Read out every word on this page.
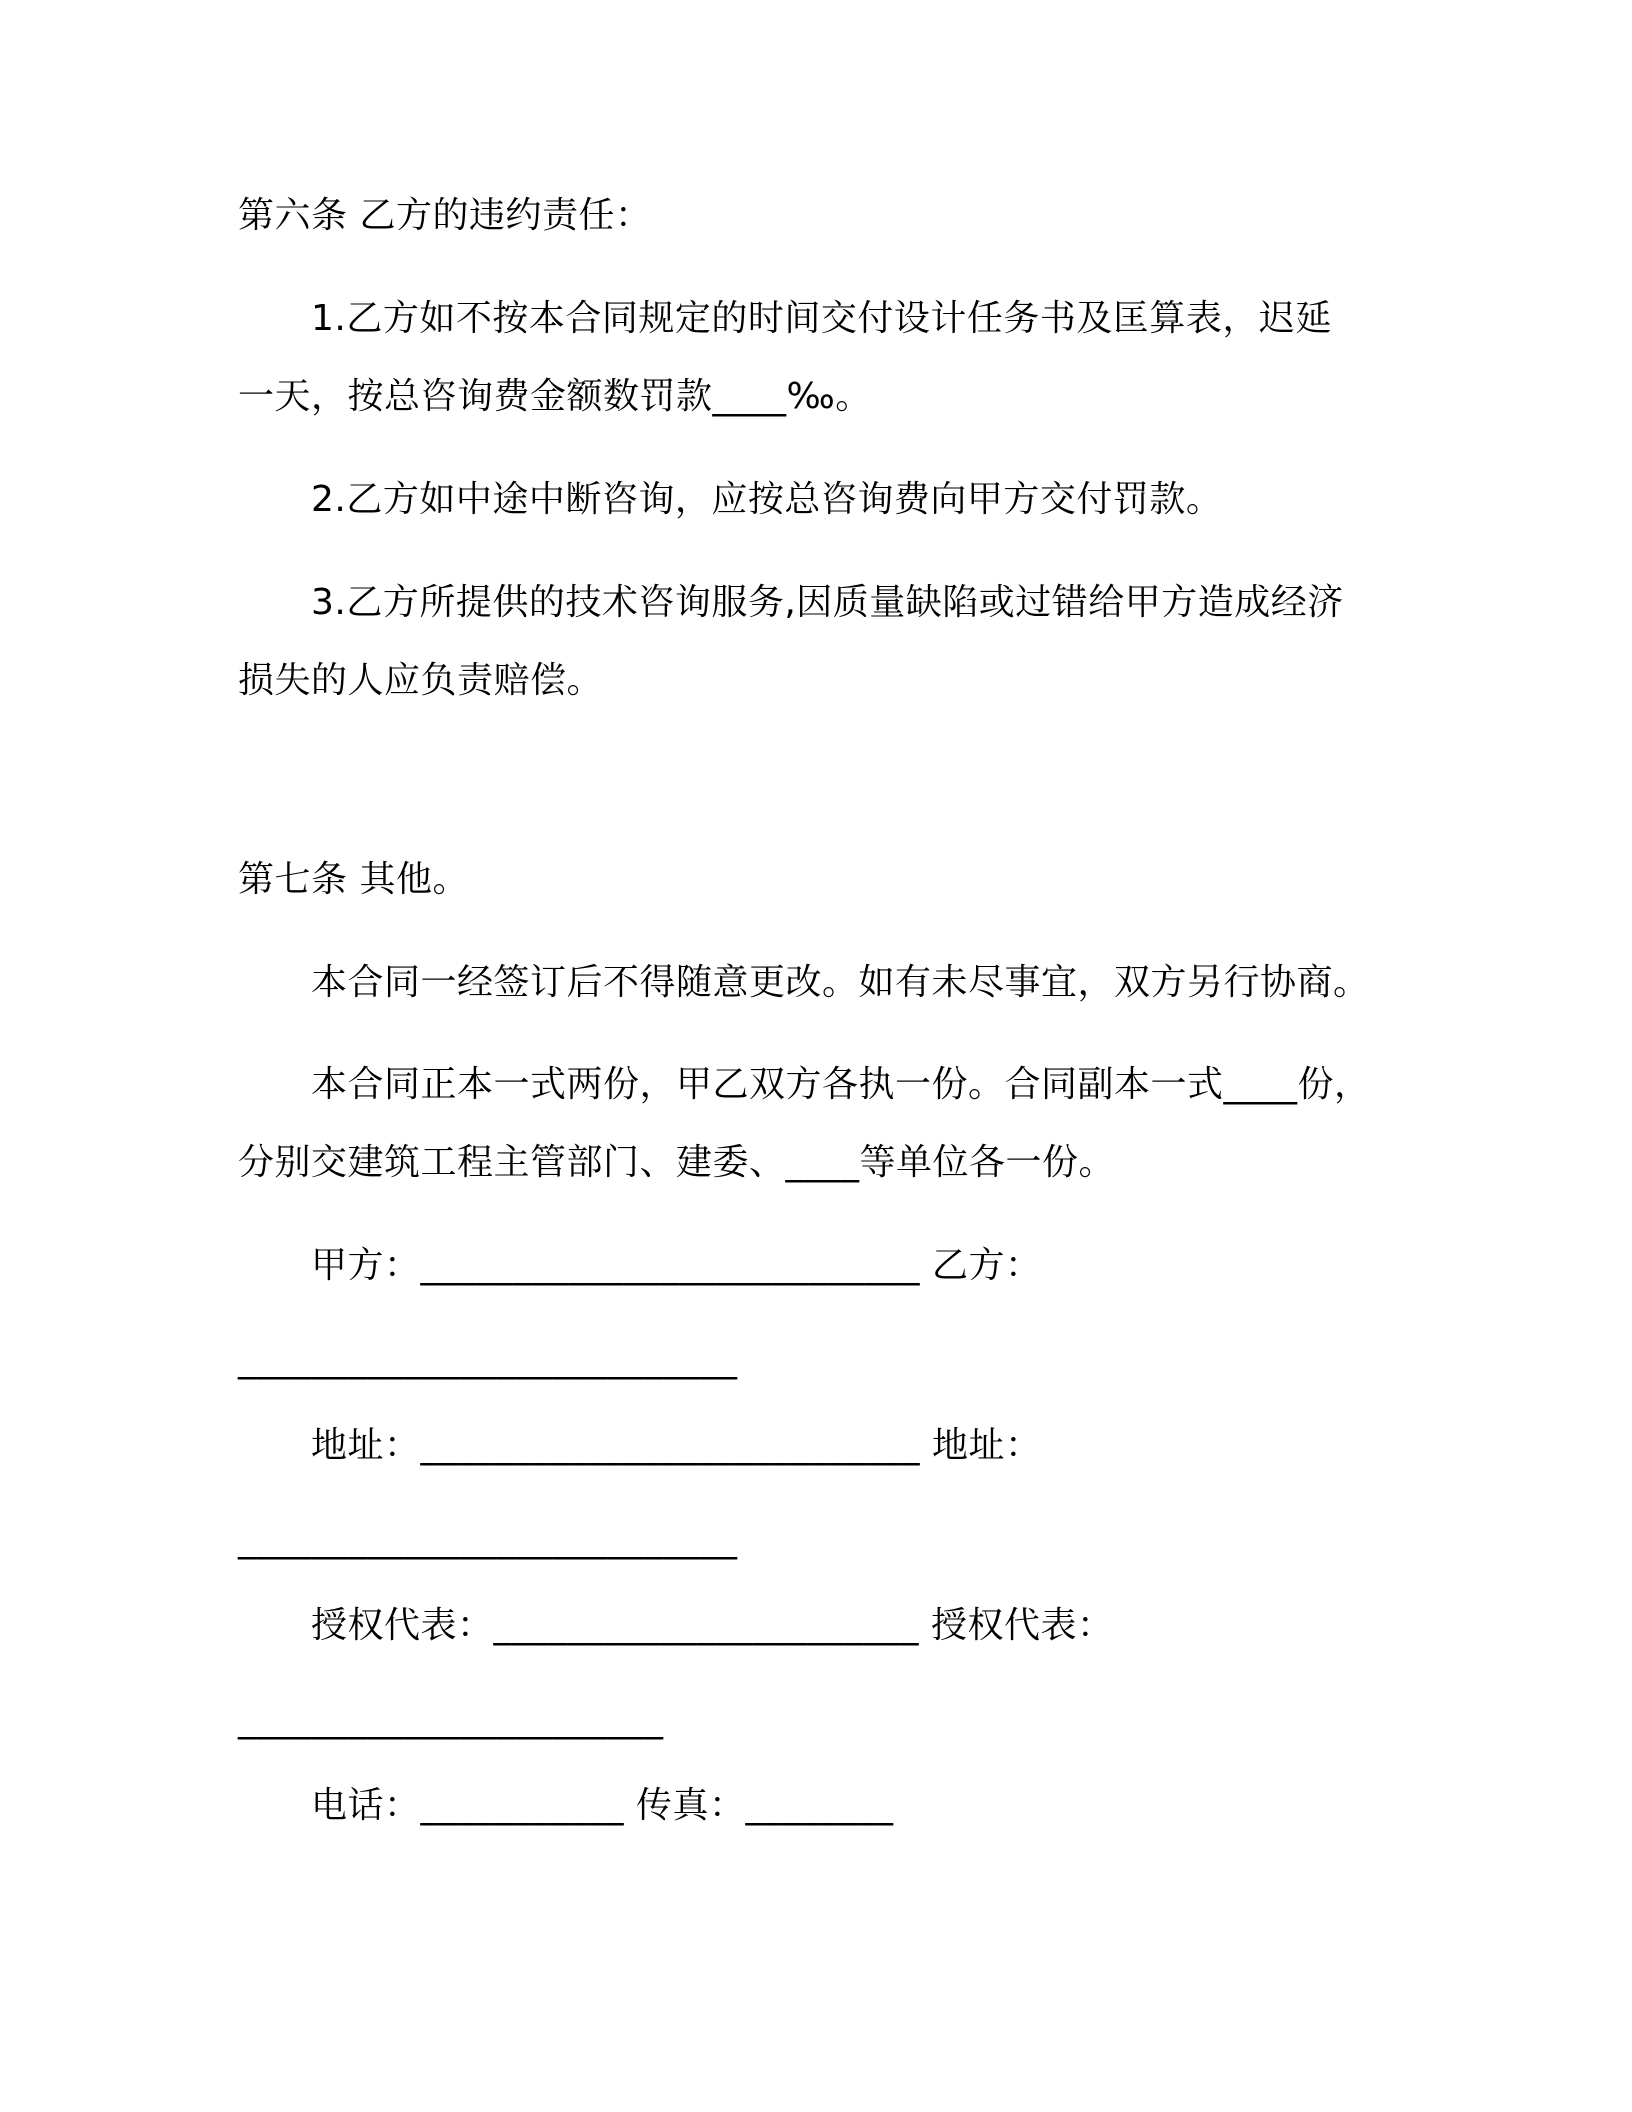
第六条 乙方的违约责任：

1.乙方如不按本合同规定的时间交付设计任务书及匡算表，迟延

一天，按总咨询费金额数罚款____‰。

2.乙方如中途中断咨询，应按总咨询费向甲方交付罚款。

3.乙方所提供的技术咨询服务,因质量缺陷或过错给甲方造成经济

损失的人应负责赔偿。

第七条 其他。

本合同一经签订后不得随意更改。如有未尽事宜，双方另行协商。

本合同正本一式两份，甲乙双方各执一份。合同副本一式____份，

分别交建筑工程主管部门、建委、____等单位各一份。

甲方：___________________________ 乙方：

___________________________

地址：___________________________ 地址：

___________________________

授权代表：_______________________ 授权代表：

_______________________

电话：___________ 传真：________
